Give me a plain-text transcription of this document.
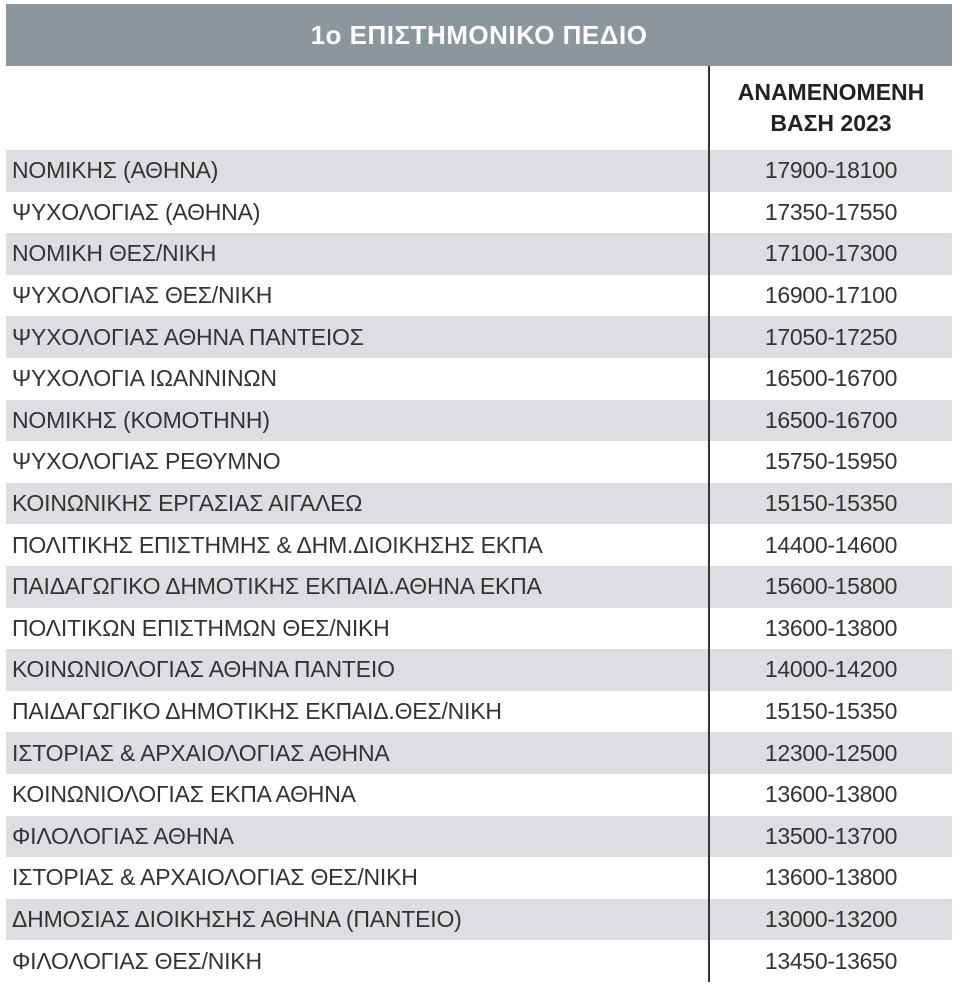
1ο ΕΠΙΣΤΗΜΟΝΙΚΟ ΠΕΔΙΟ
ΑΝΑΜΕΝΟΜΕΝΗ
ΒΑΣΗ 2023
ΝΟΜΙΚΗΣ (ΑΘΗΝΑ)	17900-18100
ΨΥΧΟΛΟΓΙΑΣ (ΑΘΗΝΑ)	17350-17550
ΝΟΜΙΚΗ ΘΕΣ/ΝΙΚΗ	17100-17300
ΨΥΧΟΛΟΓΙΑΣ ΘΕΣ/ΝΙΚΗ	16900-17100
ΨΥΧΟΛΟΓΙΑΣ ΑΘΗΝΑ ΠΑΝΤΕΙΟΣ	17050-17250
ΨΥΧΟΛΟΓΙΑ ΙΩΑΝΝΙΝΩΝ	16500-16700
ΝΟΜΙΚΗΣ (ΚΟΜΟΤΗΝΗ)	16500-16700
ΨΥΧΟΛΟΓΙΑΣ ΡΕΘΥΜΝΟ	15750-15950
ΚΟΙΝΩΝΙΚΗΣ ΕΡΓΑΣΙΑΣ ΑΙΓΑΛΕΩ	15150-15350
ΠΟΛΙΤΙΚΗΣ ΕΠΙΣΤΗΜΗΣ & ΔΗΜ.ΔΙΟΙΚΗΣΗΣ ΕΚΠΑ	14400-14600
ΠΑΙΔΑΓΩΓΙΚΟ ΔΗΜΟΤΙΚΗΣ ΕΚΠΑΙΔ.ΑΘΗΝΑ ΕΚΠΑ	15600-15800
ΠΟΛΙΤΙΚΩΝ ΕΠΙΣΤΗΜΩΝ ΘΕΣ/ΝΙΚΗ	13600-13800
ΚΟΙΝΩΝΙΟΛΟΓΙΑΣ ΑΘΗΝΑ ΠΑΝΤΕΙΟ	14000-14200
ΠΑΙΔΑΓΩΓΙΚΟ ΔΗΜΟΤΙΚΗΣ ΕΚΠΑΙΔ.ΘΕΣ/ΝΙΚΗ	15150-15350
ΙΣΤΟΡΙΑΣ & ΑΡΧΑΙΟΛΟΓΙΑΣ ΑΘΗΝΑ	12300-12500
ΚΟΙΝΩΝΙΟΛΟΓΙΑΣ ΕΚΠΑ ΑΘΗΝΑ	13600-13800
ΦΙΛΟΛΟΓΙΑΣ ΑΘΗΝΑ	13500-13700
ΙΣΤΟΡΙΑΣ & ΑΡΧΑΙΟΛΟΓΙΑΣ ΘΕΣ/ΝΙΚΗ	13600-13800
ΔΗΜΟΣΙΑΣ ΔΙΟΙΚΗΣΗΣ ΑΘΗΝΑ (ΠΑΝΤΕΙΟ)	13000-13200
ΦΙΛΟΛΟΓΙΑΣ ΘΕΣ/ΝΙΚΗ	13450-13650
